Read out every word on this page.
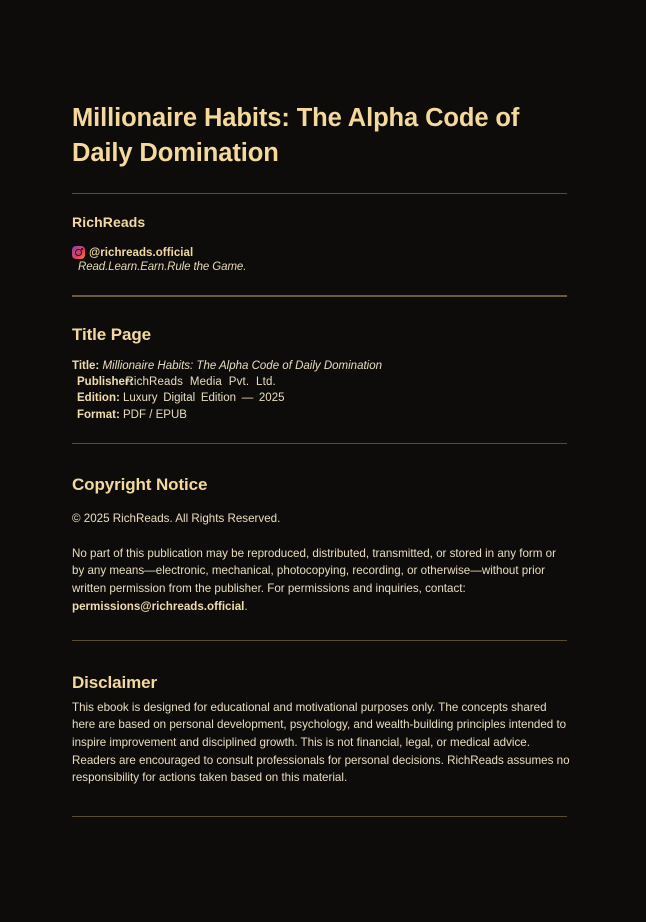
Millionaire Habits: The Alpha Code of Daily Domination
RichReads
@richreads.official

Read.Learn.Earn.Rule the Game.

Title Page
Title: Millionaire Habits: The Alpha Code of Daily Domination
Publisher: RichReads Media Pvt. Ltd.
Edition: Luxury Digital Edition — 2025
Format: PDF / EPUB
Copyright Notice

© 2025 RichReads. All Rights Reserved.

No part of this publication may be reproduced, distributed, transmitted, or stored in any form or by any means—electronic, mechanical, photocopying, recording, or otherwise—without prior written permission from the publisher. For permissions and inquiries, contact: permissions@richreads.official.

Disclaimer

This ebook is designed for educational and motivational purposes only. The concepts shared here are based on personal development, psychology, and wealth-building principles intended to inspire improvement and disciplined growth. This is not financial, legal, or medical advice. Readers are encouraged to consult professionals for personal decisions. RichReads assumes no responsibility for actions taken based on this material.
